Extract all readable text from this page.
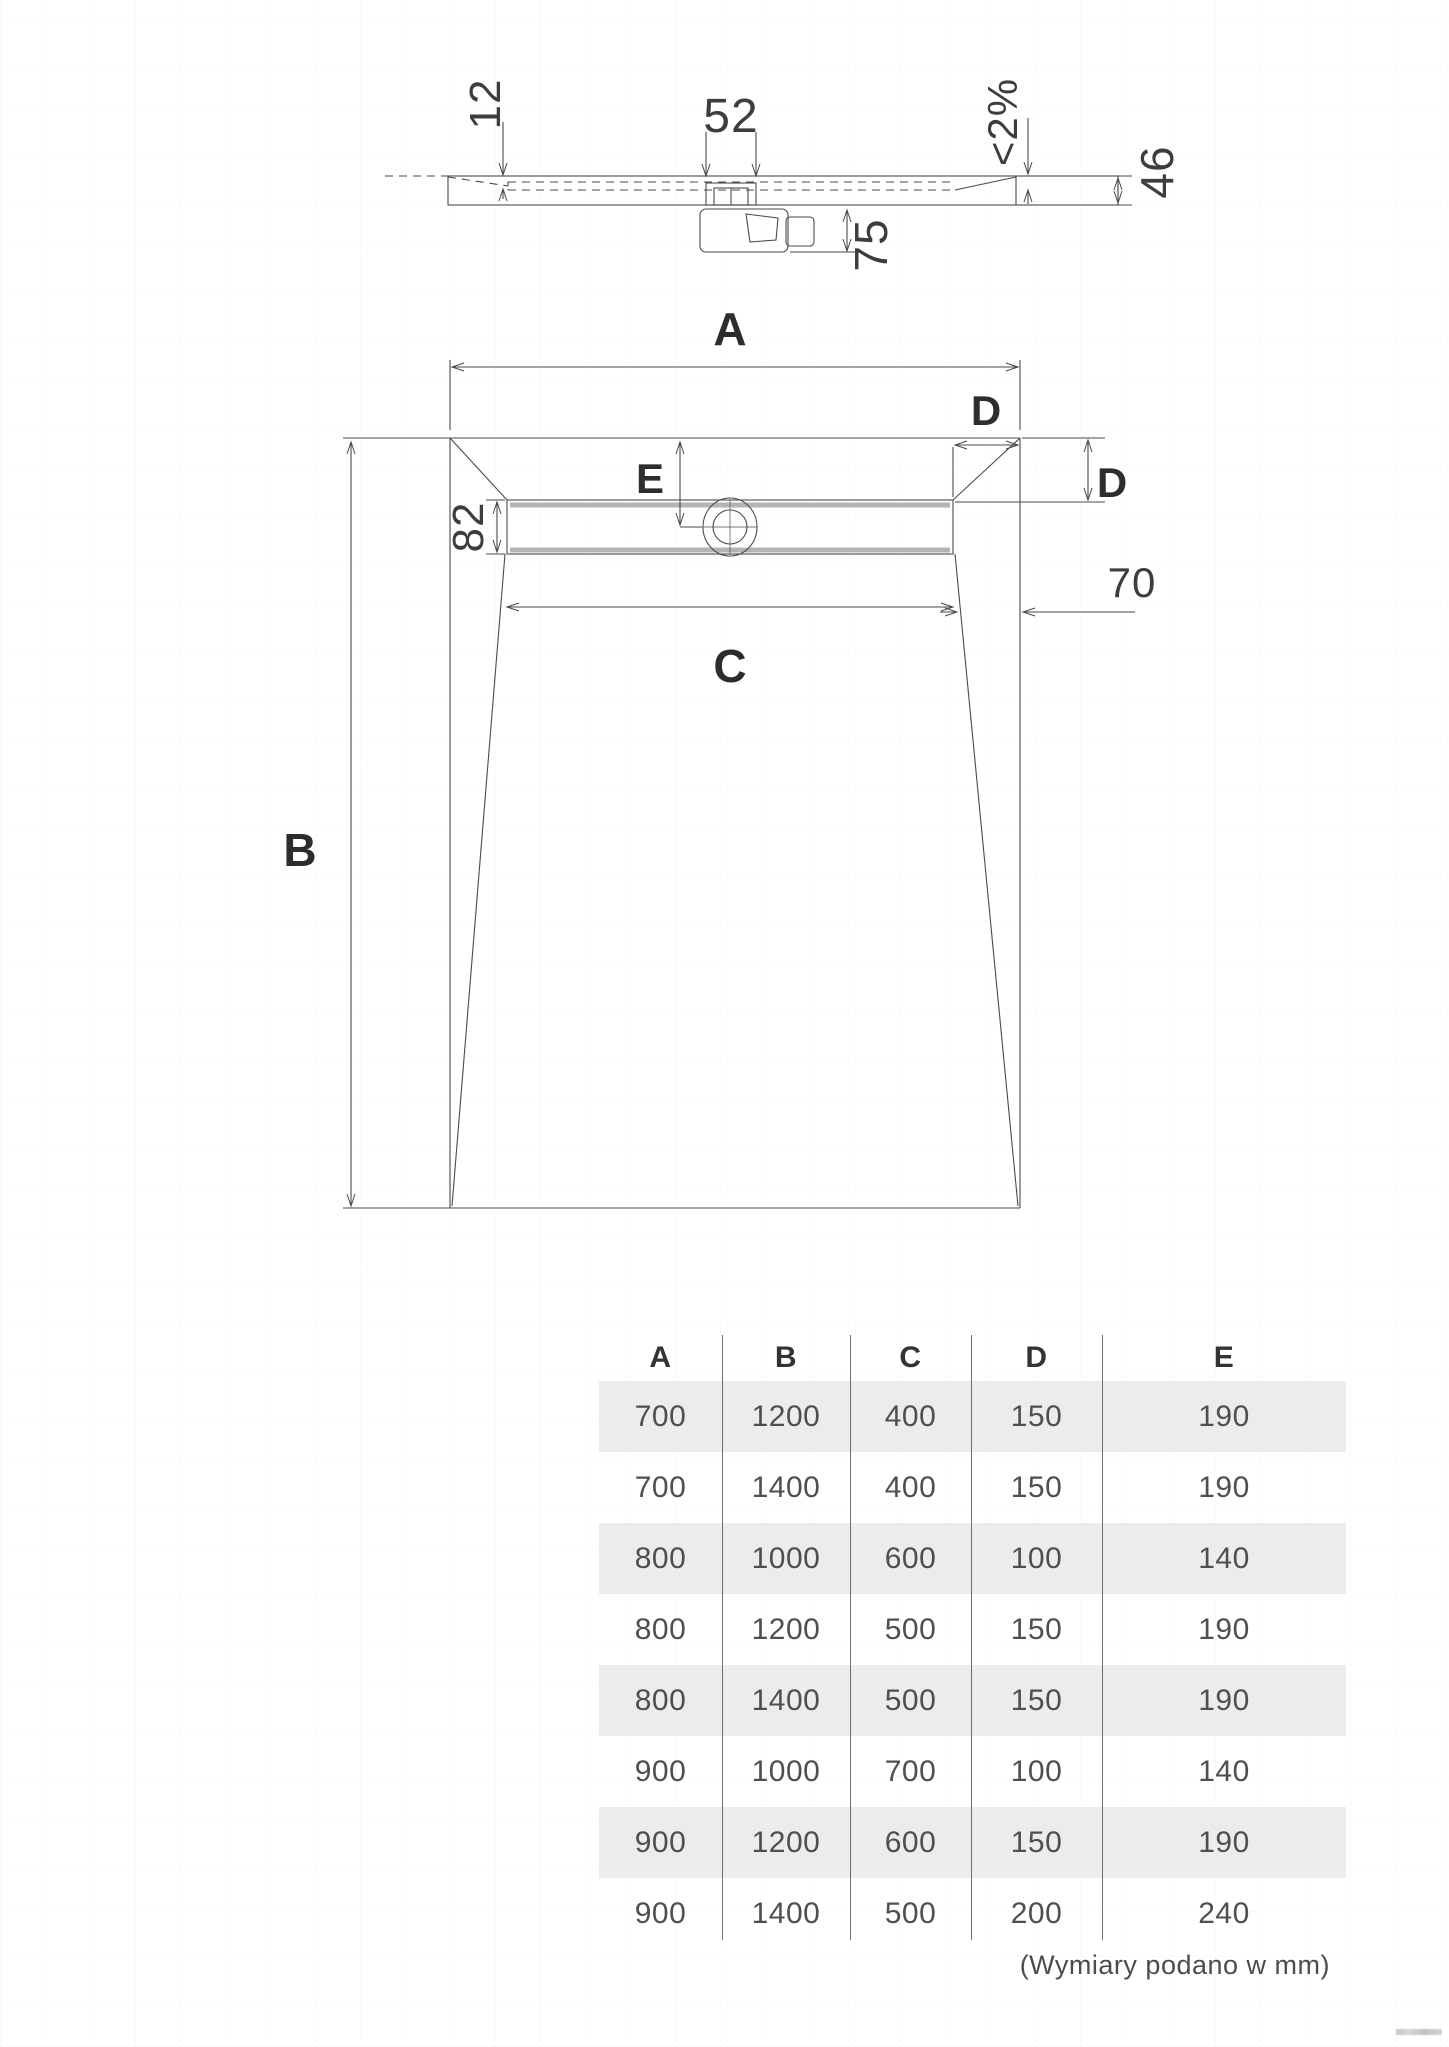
12	52	<2%
46
75
A
D
D
E
82
70
C
B
A	B	C	D	E
700	1200	400	150	190
700	1400	400	150	190
800	1000	600	100	140
800	1200	500	150	190
800	1400	500	150	190
900	1000	700	100	140
900	1200	600	150	190
900	1400	500	200	240
(Wymiary podano w mm)
